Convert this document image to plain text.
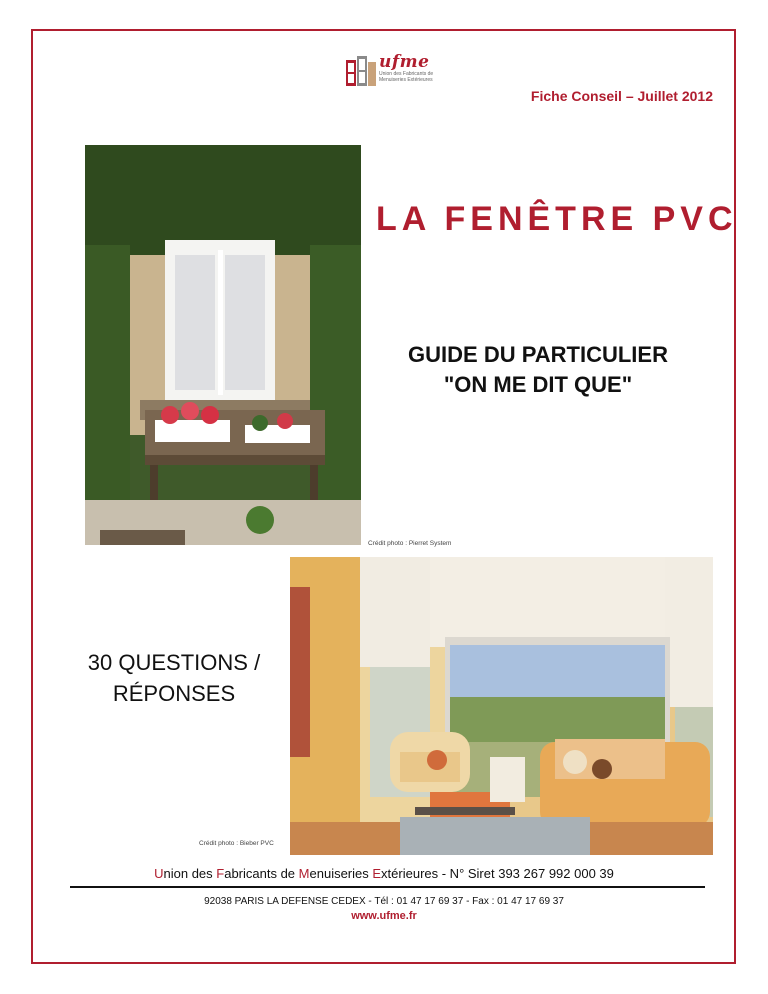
ufme
Union des Fabricants de Menuiseries Extérieures
Fiche Conseil – Juillet 2012
LA FENÊTRE PVC
GUIDE DU PARTICULIER
"ON ME DIT QUE"
Crédit photo : Pierret System
30 QUESTIONS /
RÉPONSES
Crédit photo : Bieber PVC
Union des Fabricants de Menuiseries Extérieures - N° Siret 393 267 992 000 39
92038 PARIS LA DEFENSE CEDEX - Tél : 01 47 17 69 37 - Fax : 01 47 17 69 37
www.ufme.fr
